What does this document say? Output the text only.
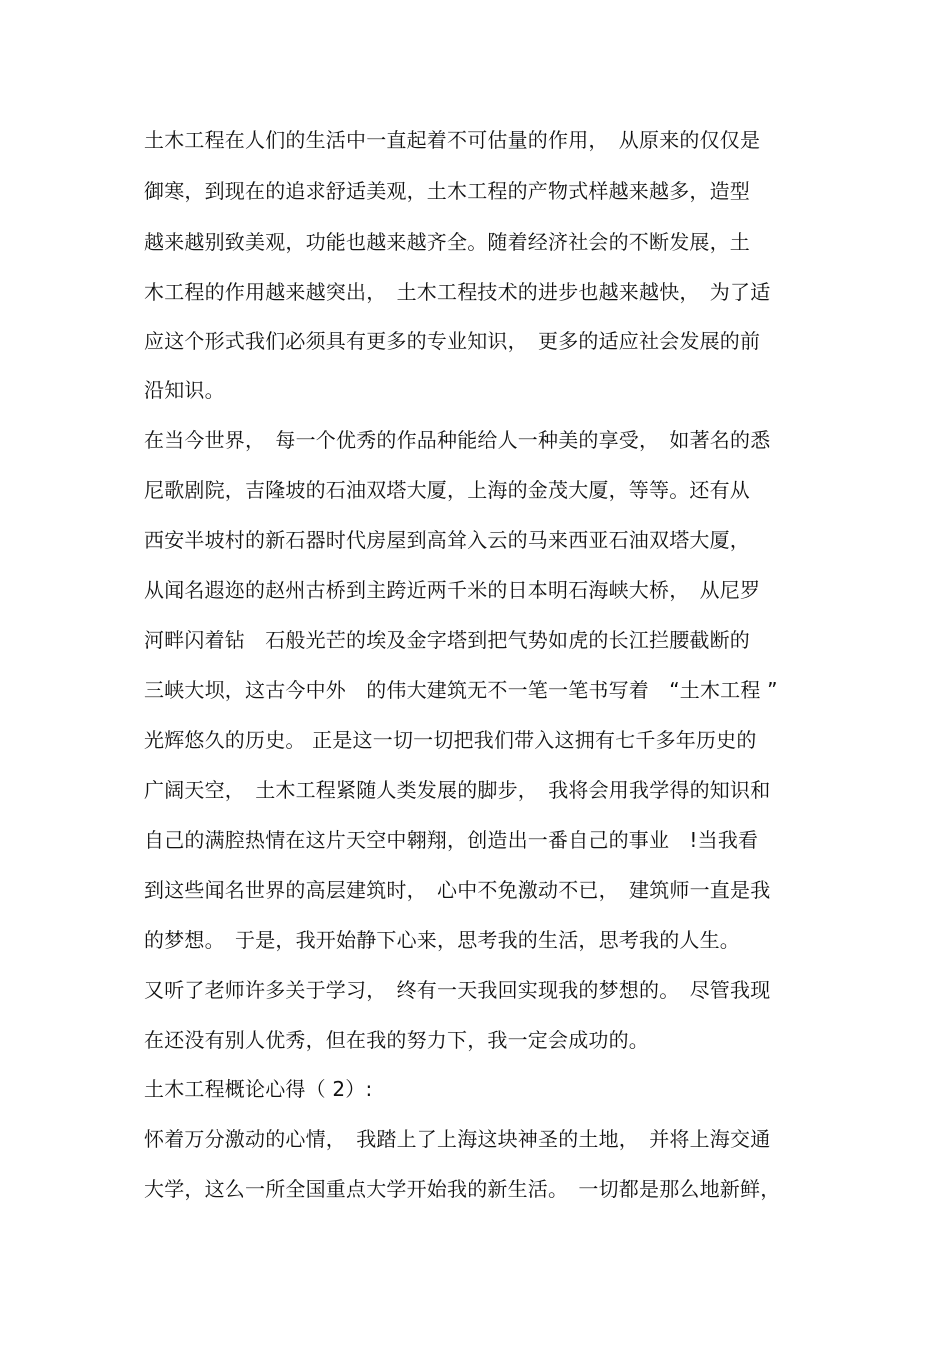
土木工程在人们的生活中一直起着不可估量的作用，　从原来的仅仅是
御寒，到现在的追求舒适美观，土木工程的产物式样越来越多，造型
越来越别致美观，功能也越来越齐全。随着经济社会的不断发展，土
木工程的作用越来越突出，　土木工程技术的进步也越来越快，　为了适
应这个形式我们必须具有更多的专业知识，　更多的适应社会发展的前
沿知识。
在当今世界，　每一个优秀的作品种能给人一种美的享受，　如著名的悉
尼歌剧院，吉隆坡的石油双塔大厦，上海的金茂大厦，等等。还有从
西安半坡村的新石器时代房屋到高耸入云的马来西亚石油双塔大厦，
从闻名遐迩的赵州古桥到主跨近两千米的日本明石海峡大桥，　从尼罗
河畔闪着钻　石般光芒的埃及金字塔到把气势如虎的长江拦腰截断的
三峡大坝，这古今中外　的伟大建筑无不一笔一笔书写着　“土木工程 ”
光辉悠久的历史。 正是这一切一切把我们带入这拥有七千多年历史的
广阔天空，　土木工程紧随人类发展的脚步，　我将会用我学得的知识和
自己的满腔热情在这片天空中翱翔，创造出一番自己的事业　!当我看
到这些闻名世界的高层建筑时，　心中不免激动不已，　建筑师一直是我
的梦想。　于是，我开始静下心来，思考我的生活，思考我的人生。
又听了老师许多关于学习，　终有一天我回实现我的梦想的。　尽管我现
在还没有别人优秀，但在我的努力下，我一定会成功的。
土木工程概论心得（ 2）:
怀着万分激动的心情，　我踏上了上海这块神圣的土地，　并将上海交通
大学，这么一所全国重点大学开始我的新生活。　一切都是那么地新鲜，
